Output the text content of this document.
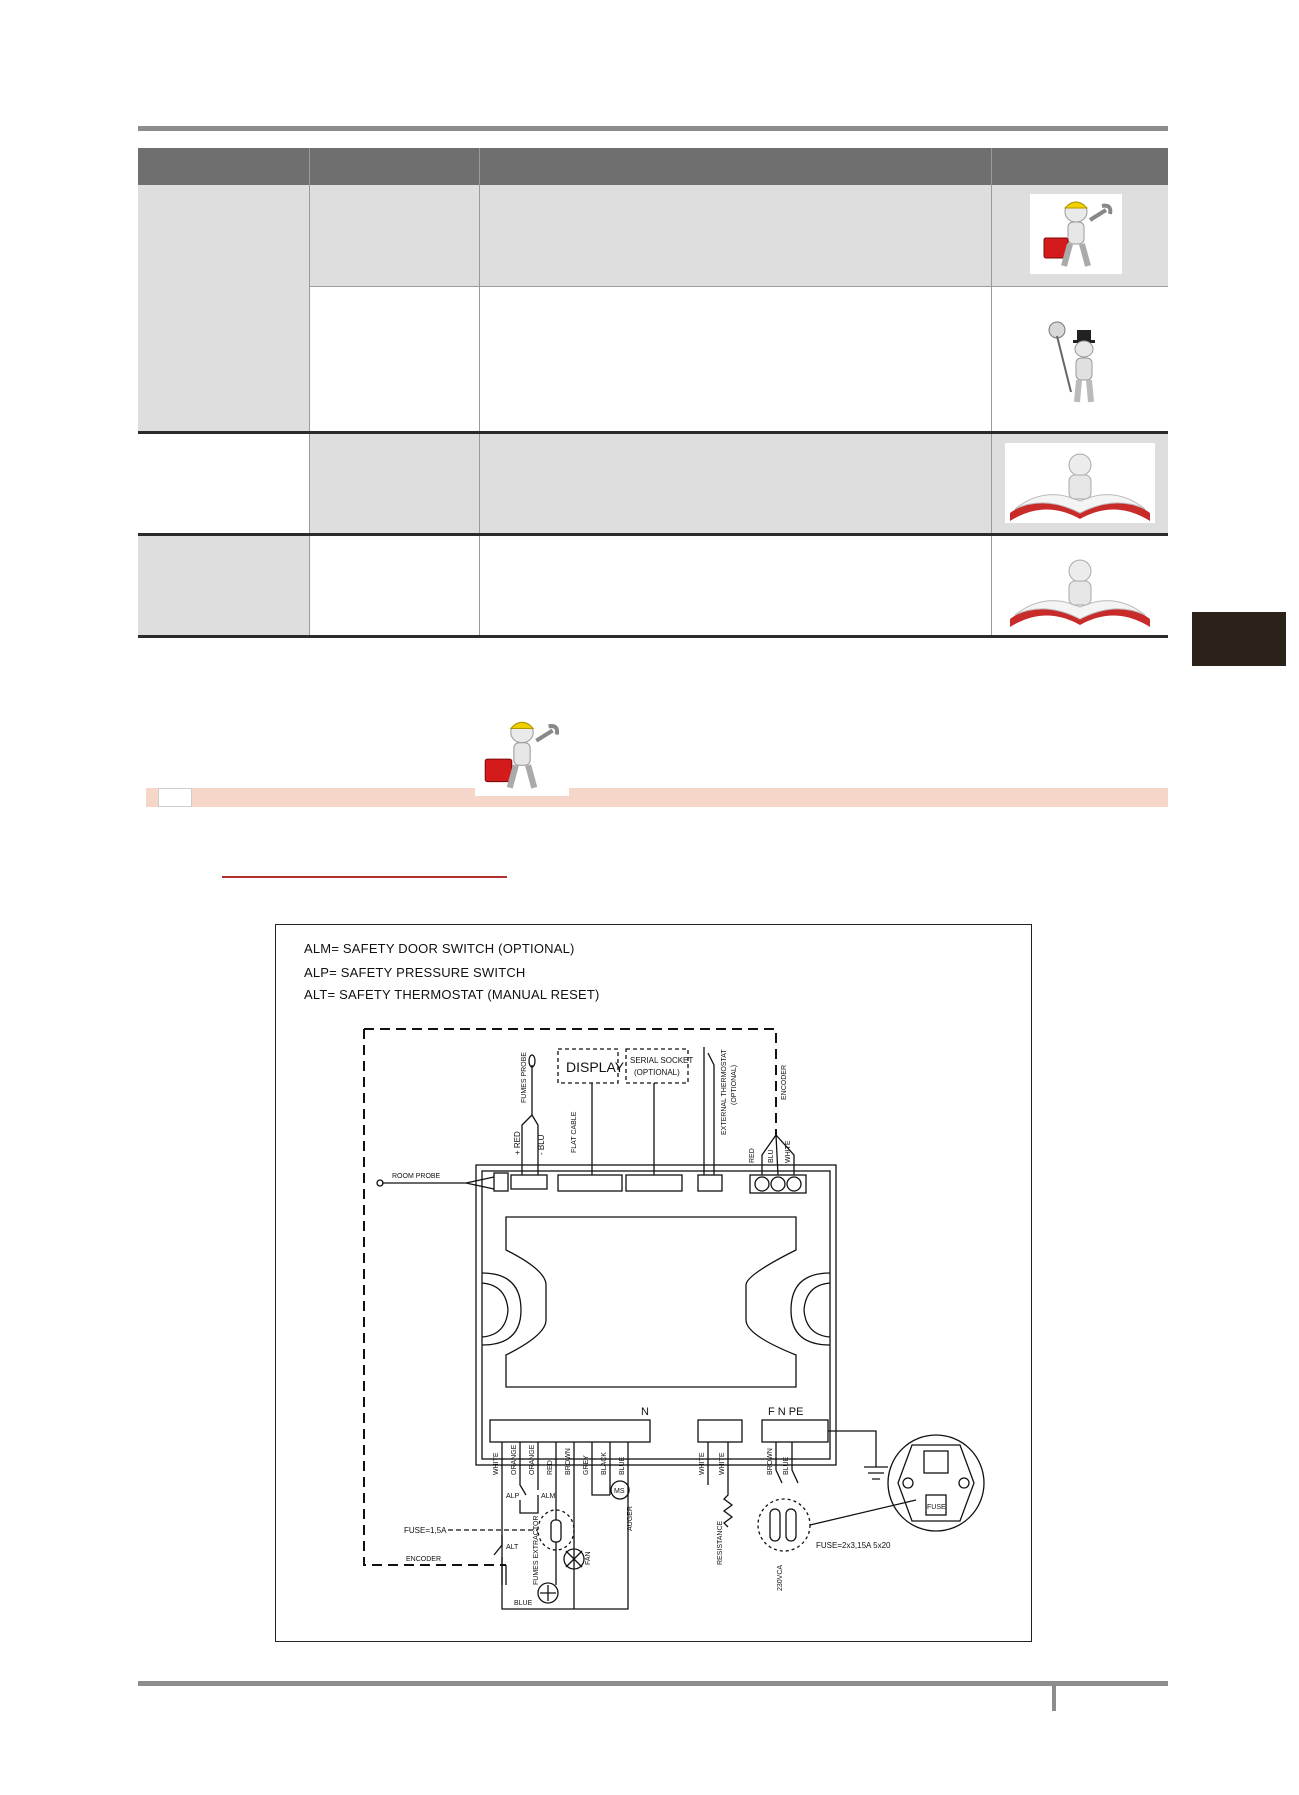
ALM= SAFETY DOOR SWITCH (OPTIONAL)
ALP= SAFETY PRESSURE SWITCH
ALT= SAFETY THERMOSTAT (MANUAL RESET)
DISPLAY SERIAL SOCKET
(OPTIONAL)
ROOM PROBE
N	F N PE
ALP	ALM
ALT
MS
FUSE=1,5A
FUSE=2x3,15A 5x20
ENCODER
BLUE
FUSE
+ RED - BLU
FUMES PROBE
FLAT CABLE	EXTERNAL THERMOSTAT (OPTIONAL)	ENCODER
RED BLU WHITE
WHITE ORANGE ORANGE RED BROWN GREY BLACK BLUE	WHITE WHITE	BROWN BLUE
AUGER
FAN
FUMES EXTRACTOR	RESISTANCE
230VCA
